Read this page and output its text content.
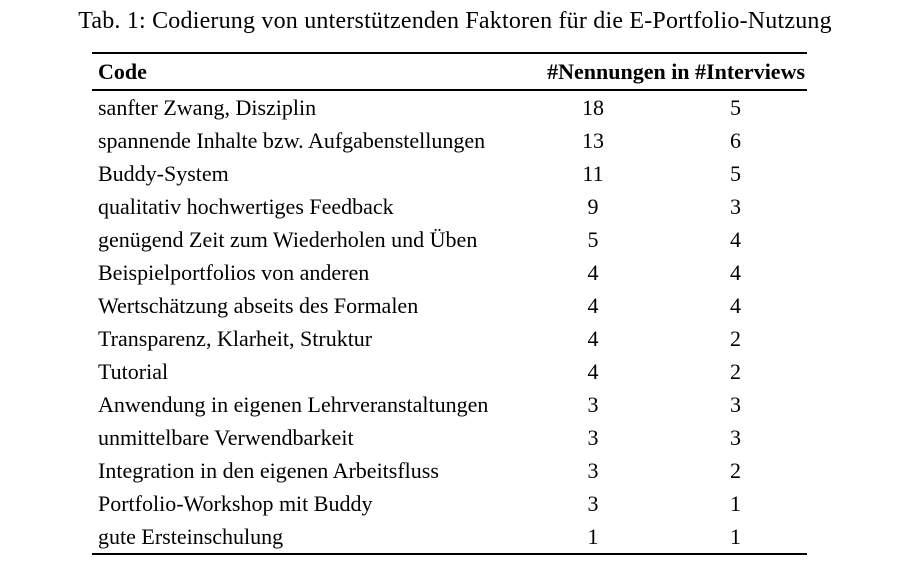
Tab. 1: Codierung von unterstützenden Faktoren für die E-Portfolio-Nutzung
Code	#Nennungen in #Interviews	
sanfter Zwang, Disziplin	18	5
spannende Inhalte bzw. Aufgabenstellungen	13	6
Buddy-System	11	5
qualitativ hochwertiges Feedback	9	3
genügend Zeit zum Wiederholen und Üben	5	4
Beispielportfolios von anderen	4	4
Wertschätzung abseits des Formalen	4	4
Transparenz, Klarheit, Struktur	4	2
Tutorial	4	2
Anwendung in eigenen Lehrveranstaltungen	3	3
unmittelbare Verwendbarkeit	3	3
Integration in den eigenen Arbeitsfluss	3	2
Portfolio-Workshop mit Buddy	3	1
gute Ersteinschulung	1	1
